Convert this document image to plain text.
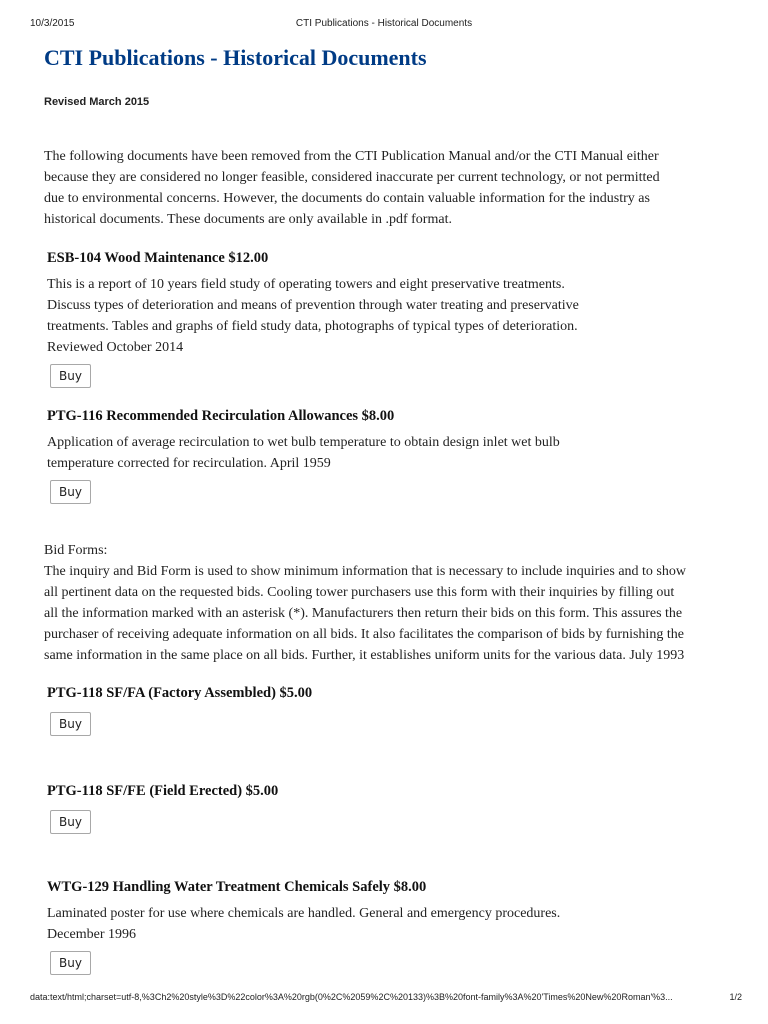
10/3/2015	CTI Publications - Historical Documents
CTI Publications - Historical Documents
Revised March 2015
The following documents have been removed from the CTI Publication Manual and/or the CTI Manual either
because they are considered no longer feasible, considered inaccurate per current technology, or not permitted
due to environmental concerns. However, the documents do contain valuable information for the industry as
historical documents. These documents are only available in .pdf format.
ESB-104 Wood Maintenance $12.00
This is a report of 10 years field study of operating towers and eight preservative treatments.
Discuss types of deterioration and means of prevention through water treating and preservative
treatments. Tables and graphs of field study data, photographs of typical types of deterioration.
Reviewed October 2014
Buy
PTG-116 Recommended Recirculation Allowances $8.00
Application of average recirculation to wet bulb temperature to obtain design inlet wet bulb
temperature corrected for recirculation. April 1959
Buy
Bid Forms:
The inquiry and Bid Form is used to show minimum information that is necessary to include inquiries and to show
all pertinent data on the requested bids. Cooling tower purchasers use this form with their inquiries by filling out
all the information marked with an asterisk (*). Manufacturers then return their bids on this form. This assures the
purchaser of receiving adequate information on all bids. It also facilitates the comparison of bids by furnishing the
same information in the same place on all bids. Further, it establishes uniform units for the various data. July 1993
PTG-118 SF/FA (Factory Assembled) $5.00
Buy
PTG-118 SF/FE (Field Erected) $5.00
Buy
WTG-129 Handling Water Treatment Chemicals Safely $8.00
Laminated poster for use where chemicals are handled. General and emergency procedures.
December 1996
Buy
data:text/html;charset=utf-8,%3Ch2%20style%3D%22color%3A%20rgb(0%2C%2059%2C%20133)%3B%20font-family%3A%20'Times%20New%20Roman'%3...	1/2
